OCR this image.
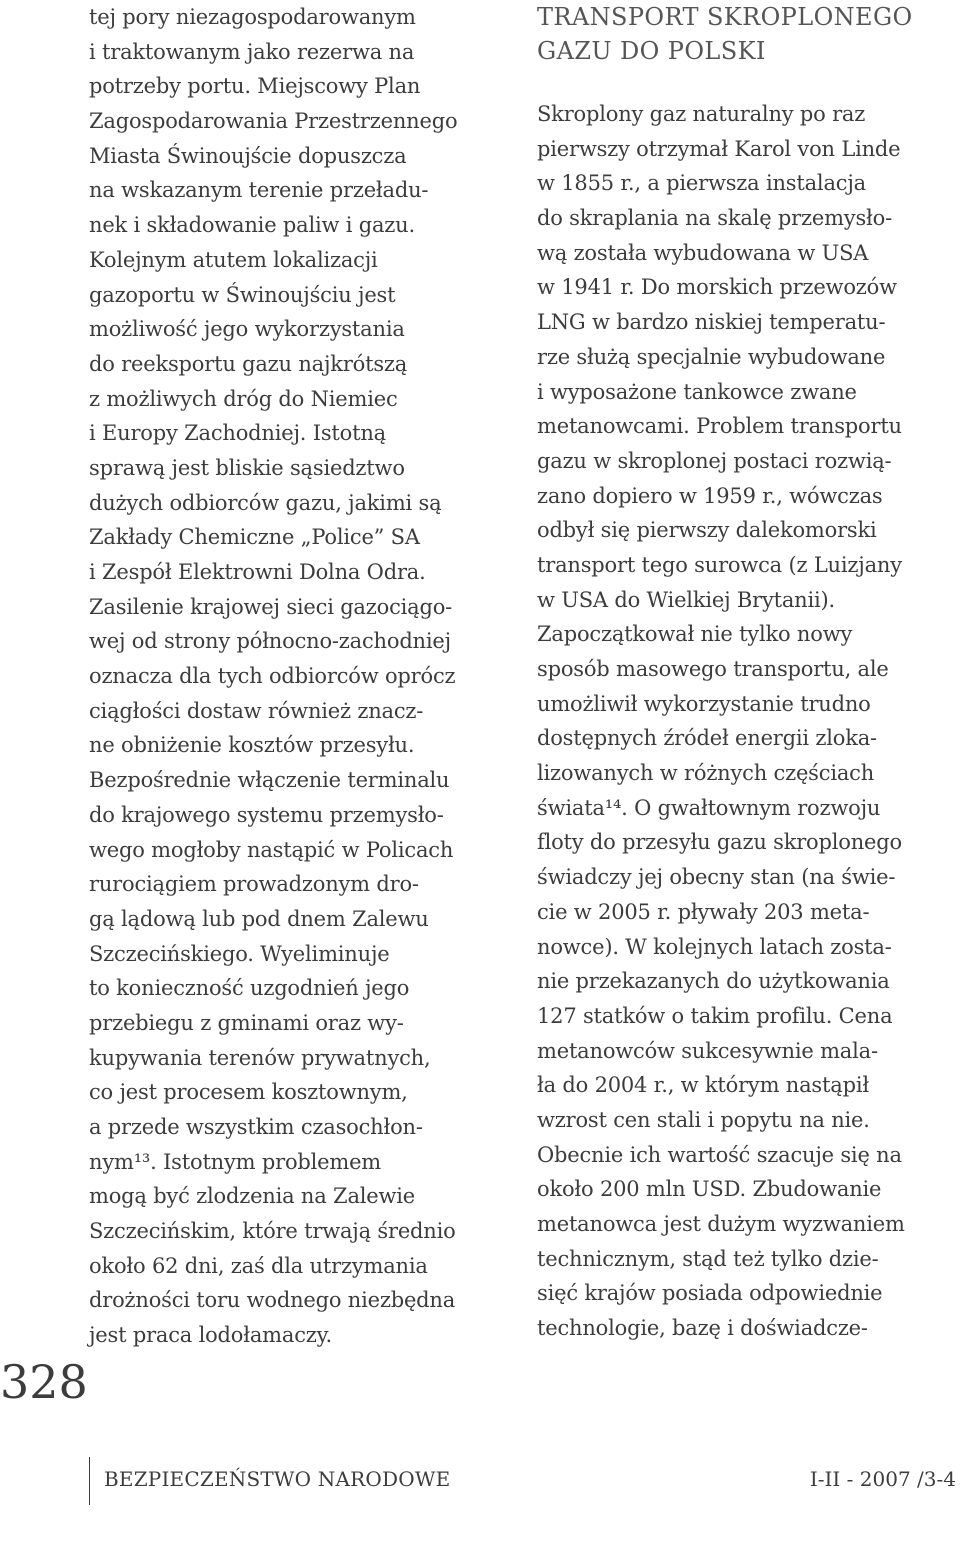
tej pory niezagospodarowanym
i traktowanym jako rezerwa na
potrzeby portu. Miejscowy Plan
Zagospodarowania Przestrzennego
Miasta Świnoujście dopuszcza
na wskazanym terenie przeładu-
nek i składowanie paliw i gazu.
Kolejnym atutem lokalizacji
gazoportu w Świnoujściu jest
możliwość jego wykorzystania
do reeksportu gazu najkrótszą
z możliwych dróg do Niemiec
i Europy Zachodniej. Istotną
sprawą jest bliskie sąsiedztwo
dużych odbiorców gazu, jakimi są
Zakłady Chemiczne „Police” SA
i Zespół Elektrowni Dolna Odra.
Zasilenie krajowej sieci gazociągo-
wej od strony północno-zachodniej
oznacza dla tych odbiorców oprócz
ciągłości dostaw również znacz-
ne obniżenie kosztów przesyłu.
Bezpośrednie włączenie terminalu
do krajowego systemu przemysło-
wego mogłoby nastąpić w Policach
rurociągiem prowadzonym dro-
gą lądową lub pod dnem Zalewu
Szczecińskiego. Wyeliminuje
to konieczność uzgodnień jego
przebiegu z gminami oraz wy-
kupywania terenów prywatnych,
co jest procesem kosztownym,
a przede wszystkim czasochłon-
nym¹³. Istotnym problemem
mogą być zlodzenia na Zalewie
Szczecińskim, które trwają średnio
około 62 dni, zaś dla utrzymania
drożności toru wodnego niezbędna
jest praca lodołamaczy.
TRANSPORT SKROPLONEGO
GAZU DO POLSKI
Skroplony gaz naturalny po raz
pierwszy otrzymał Karol von Linde
w 1855 r., a pierwsza instalacja
do skraplania na skalę przemysło-
wą została wybudowana w USA
w 1941 r. Do morskich przewozów
LNG w bardzo niskiej temperatu-
rze służą specjalnie wybudowane
i wyposażone tankowce zwane
metanowcami. Problem transportu
gazu w skroplonej postaci rozwią-
zano dopiero w 1959 r., wówczas
odbył się pierwszy dalekomorski
transport tego surowca (z Luizjany
w USA do Wielkiej Brytanii).
Zapoczątkował nie tylko nowy
sposób masowego transportu, ale
umożliwił wykorzystanie trudno
dostępnych źródeł energii zloka-
lizowanych w różnych częściach
świata¹⁴. O gwałtownym rozwoju
floty do przesyłu gazu skroplonego
świadczy jej obecny stan (na świe-
cie w 2005 r. pływały 203 meta-
nowce). W kolejnych latach zosta-
nie przekazanych do użytkowania
127 statków o takim profilu. Cena
metanowców sukcesywnie mala-
ła do 2004 r., w którym nastąpił
wzrost cen stali i popytu na nie.
Obecnie ich wartość szacuje się na
około 200 mln USD. Zbudowanie
metanowca jest dużym wyzwaniem
technicznym, stąd też tylko dzie-
sięć krajów posiada odpowiednie
technologie, bazę i doświadcze-
328
BEZPIECZEŃSTWO NARODOWE	I-II - 2007 /3-4
